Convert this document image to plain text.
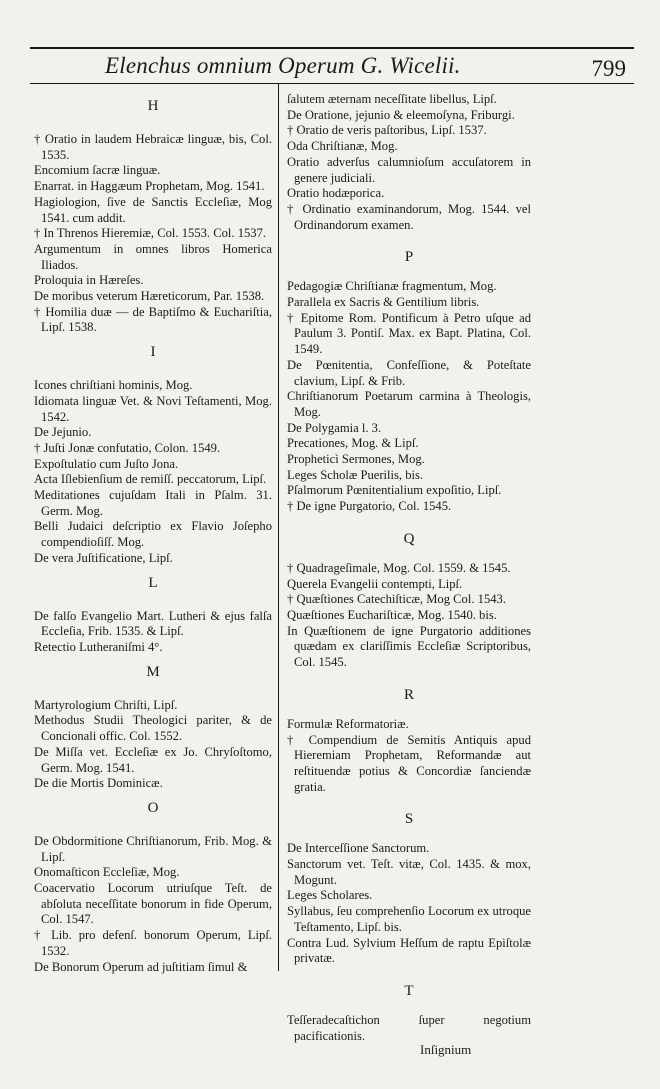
Elenchus omnium Operum G. Wicelii.	799
H
† Oratio in laudem Hebraicæ linguæ, bis, Col. 1535.
Encomium ſacræ linguæ.
Enarrat. in Haggæum Prophetam, Mog. 1541.
Hagiologion, ſive de Sanctis Eccleſiæ, Mog 1541. cum addit.
† In Threnos Hieremiæ, Col. 1553. Col. 1537.
Argumentum in omnes libros Homerica Iliados.
Proloquia in Hæreſes.
De moribus veterum Hæreticorum, Par. 1538.
† Homilia duæ — de Baptiſmo & Euchariſtia, Lipſ. 1538.
I
Icones chriſtiani hominis, Mog.
Idiomata linguæ Vet. & Novi Teſtamenti, Mog. 1542.
De Jejunio.
† Juſti Jonæ confutatio, Colon. 1549.
Expoſtulatio cum Juſto Jona.
Acta Iſlebienſium de remiſſ. peccatorum, Lipſ.
Meditationes cujuſdam Itali in Pſalm. 31. Germ. Mog.
Belli Judaici deſcriptio ex Flavio Joſepho compendioſiſſ. Mog.
De vera Juſtificatione, Lipſ.
L
De falſo Evangelio Mart. Lutheri & ejus falſa Eccleſia, Frib. 1535. & Lipſ.
Retectio Lutheraniſmi 4°.
M
Martyrologium Chriſti, Lipſ.
Methodus Studii Theologici pariter, & de Concionali offic. Col. 1552.
De Miſſa vet. Eccleſiæ ex Jo. Chryſoſtomo, Germ. Mog. 1541.
De die Mortis Dominicæ.
O
De Obdormitione Chriſtianorum, Frib. Mog. & Lipſ.
Onomaſticon Eccleſiæ, Mog.
Coacervatio Locorum utriuſque Teſt. de abſoluta neceſſitate bonorum in fide Operum, Col. 1547.
† Lib. pro defenſ. bonorum Operum, Lipſ. 1532.
De Bonorum Operum ad juſtitiam ſimul &
ſalutem æternam neceſſitate libellus, Lipſ.
De Oratione, jejunio & eleemoſyna, Friburgi.
† Oratio de veris paſtoribus, Lipſ. 1537.
Oda Chriſtianæ, Mog.
Oratio adverſus calumnioſum accuſatorem in genere judiciali.
Oratio hodæporica.
† Ordinatio examinandorum, Mog. 1544. vel Ordinandorum examen.
P
Pedagogiæ Chriſtianæ fragmentum, Mog.
Parallela ex Sacris & Gentilium libris.
† Epitome Rom. Pontificum à Petro uſque ad Paulum 3. Pontiſ. Max. ex Bapt. Platina, Col. 1549.
De Pœnitentia, Confeſſione, & Poteſtate clavium, Lipſ. & Frib.
Chriſtianorum Poetarum carmina à Theologis, Mog.
De Polygamia l. 3.
Precationes, Mog. & Lipſ.
Propheticì Sermones, Mog.
Leges Scholæ Puerilis, bis.
Pſalmorum Pœnitentialium expoſitio, Lipſ.
† De igne Purgatorio, Col. 1545.
Q
† Quadrageſimale, Mog. Col. 1559. & 1545.
Querela Evangelii contempti, Lipſ.
† Quæſtiones Catechiſticæ, Mog Col. 1543.
Quæſtiones Euchariſticæ, Mog. 1540. bis.
In Quæſtionem de igne Purgatorio additiones quædam ex clariſſimis Eccleſiæ Scriptoribus, Col. 1545.
R
Formulæ Reformatoriæ.
† Compendium de Semitis Antiquis apud Hieremiam Prophetam, Reformandæ aut reſtituendæ potius & Concordiæ ſanciendæ gratia.
S
De Interceſſione Sanctorum.
Sanctorum vet. Teſt. vitæ, Col. 1435. & mox, Mogunt.
Leges Scholares.
Syllabus, ſeu comprehenſio Locorum ex utroque Teſtamento, Lipſ. bis.
Contra Lud. Sylvium Heſſum de raptu Epiſtolæ privatæ.
T
Teſſeradecaſtichon ſuper negotium pacificationis.
Inſignium
